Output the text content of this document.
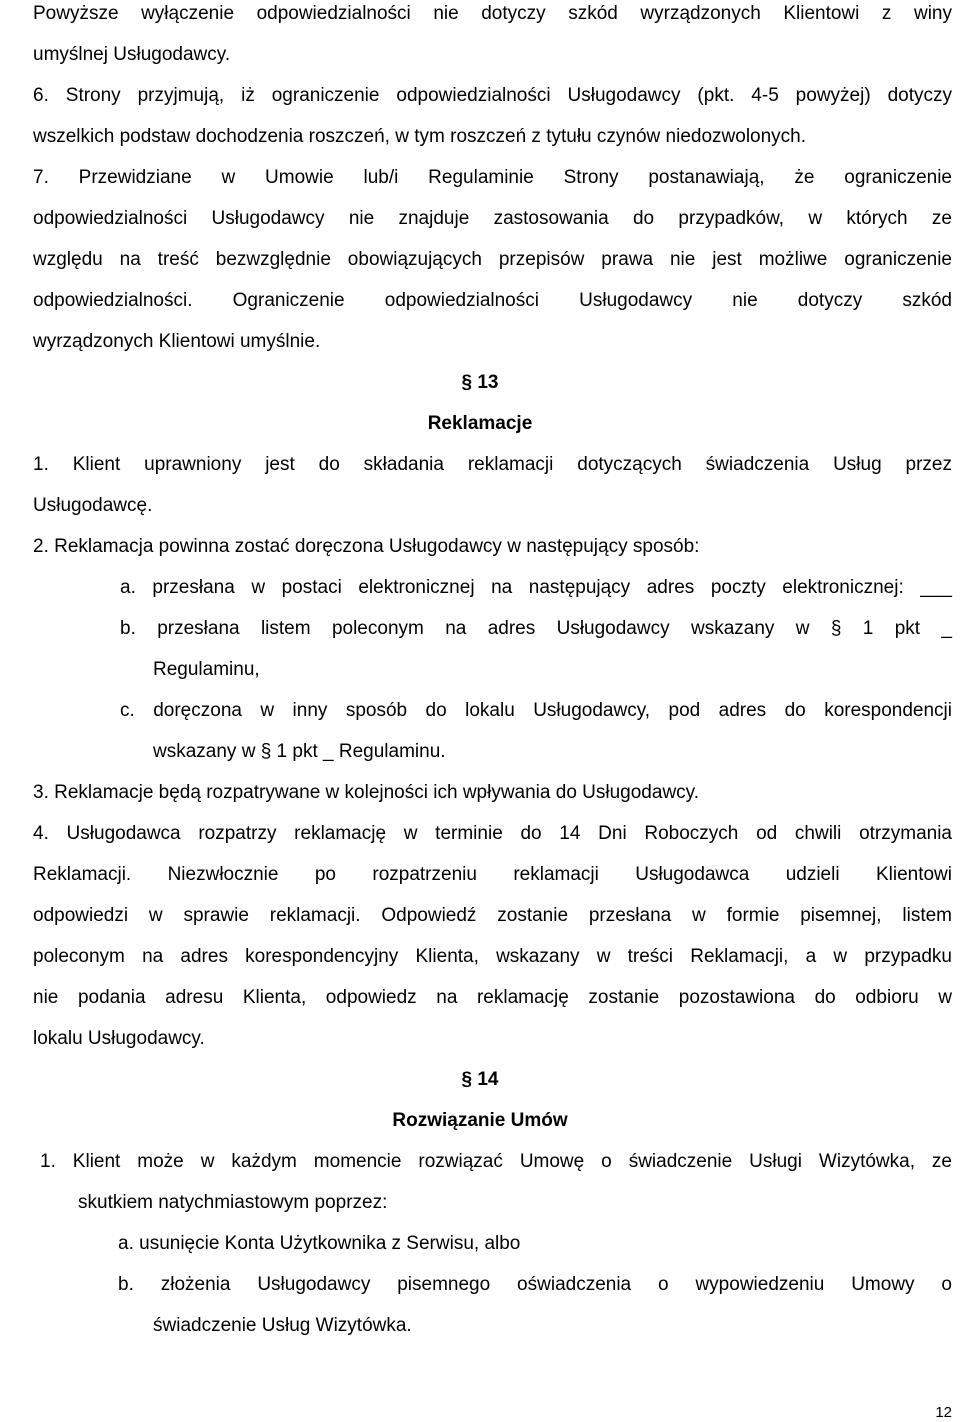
Powyższe wyłączenie odpowiedzialności nie dotyczy szkód wyrządzonych Klientowi z winy
umyślnej Usługodawcy.
6. Strony przyjmują, iż ograniczenie odpowiedzialności Usługodawcy (pkt. 4-5 powyżej) dotyczy
wszelkich podstaw dochodzenia roszczeń, w tym roszczeń z tytułu czynów niedozwolonych.
7. Przewidziane w Umowie lub/i Regulaminie Strony postanawiają, że ograniczenie
odpowiedzialności Usługodawcy nie znajduje zastosowania do przypadków, w których ze
względu na treść bezwzględnie obowiązujących przepisów prawa nie jest możliwe ograniczenie
odpowiedzialności. Ograniczenie odpowiedzialności Usługodawcy nie dotyczy szkód
wyrządzonych Klientowi umyślnie.
§ 13
Reklamacje
1. Klient uprawniony jest do składania reklamacji dotyczących świadczenia Usług przez
Usługodawcę.
2. Reklamacja powinna zostać doręczona Usługodawcy w następujący sposób:
a. przesłana w postaci elektronicznej na następujący adres poczty elektronicznej: ___
b. przesłana listem poleconym na adres Usługodawcy wskazany w § 1 pkt _
Regulaminu,
c. doręczona w inny sposób do lokalu Usługodawcy, pod adres do korespondencji
wskazany w § 1 pkt _ Regulaminu.
3. Reklamacje będą rozpatrywane w kolejności ich wpływania do Usługodawcy.
4. Usługodawca rozpatrzy reklamację w terminie do 14 Dni Roboczych od chwili otrzymania
Reklamacji. Niezwłocznie po rozpatrzeniu reklamacji Usługodawca udzieli Klientowi
odpowiedzi w sprawie reklamacji. Odpowiedź zostanie przesłana w formie pisemnej, listem
poleconym na adres korespondencyjny Klienta, wskazany w treści Reklamacji, a w przypadku
nie podania adresu Klienta, odpowiedz na reklamację zostanie pozostawiona do odbioru w
lokalu Usługodawcy.
§ 14
Rozwiązanie Umów
1. Klient może w każdym momencie rozwiązać Umowę o świadczenie Usługi Wizytówka, ze
skutkiem natychmiastowym poprzez:
a. usunięcie Konta Użytkownika z Serwisu, albo
b. złożenia Usługodawcy pisemnego oświadczenia o wypowiedzeniu Umowy o
świadczenie Usług Wizytówka.
12
